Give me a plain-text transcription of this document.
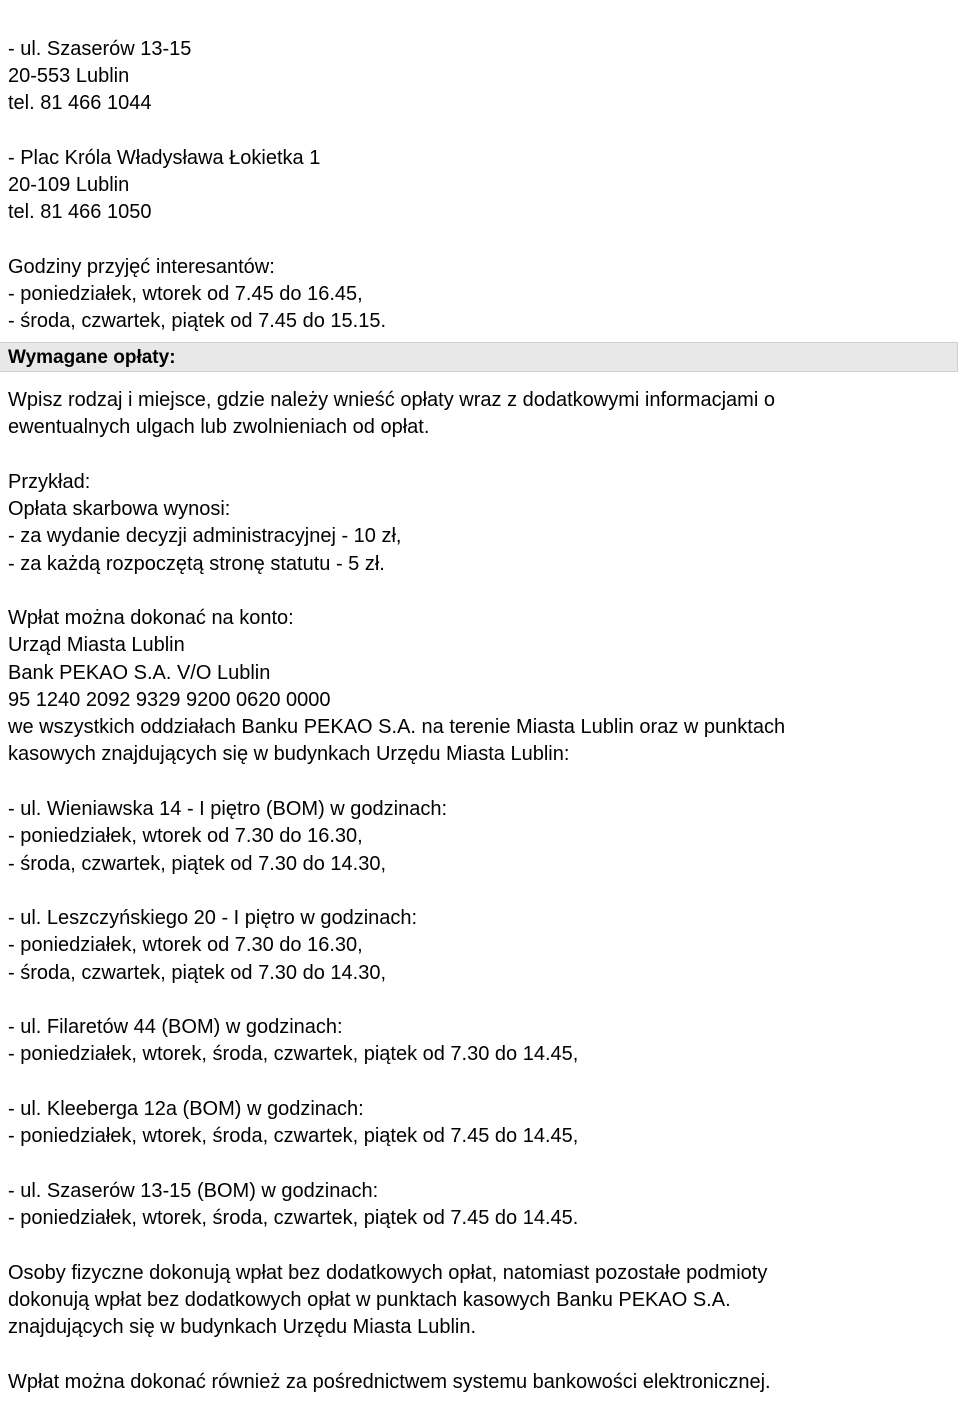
- ul. Szaserów 13-15
20-553 Lublin
tel. 81 466 1044
- Plac Króla Władysława Łokietka 1
20-109 Lublin
tel. 81 466 1050
Godziny przyjęć interesantów:
- poniedziałek, wtorek od 7.45 do 16.45,
- środa, czwartek, piątek od 7.45 do 15.15.
Wymagane opłaty:
Wpisz rodzaj i miejsce, gdzie należy wnieść opłaty wraz z dodatkowymi informacjami o
ewentualnych ulgach lub zwolnieniach od opłat.
Przykład:
Opłata skarbowa wynosi:
- za wydanie decyzji administracyjnej - 10 zł,
- za każdą rozpoczętą stronę statutu - 5 zł.
Wpłat można dokonać na konto:
Urząd Miasta Lublin
Bank PEKAO S.A. V/O Lublin
95 1240 2092 9329 9200 0620 0000
we wszystkich oddziałach Banku PEKAO S.A. na terenie Miasta Lublin oraz w punktach
kasowych znajdujących się w budynkach Urzędu Miasta Lublin:
- ul. Wieniawska 14 - I piętro (BOM) w godzinach:
- poniedziałek, wtorek od 7.30 do 16.30,
- środa, czwartek, piątek od 7.30 do 14.30,
- ul. Leszczyńskiego 20 - I piętro w godzinach:
- poniedziałek, wtorek od 7.30 do 16.30,
- środa, czwartek, piątek od 7.30 do 14.30,
- ul. Filaretów 44 (BOM) w godzinach:
- poniedziałek, wtorek, środa, czwartek, piątek od 7.30 do 14.45,
- ul. Kleeberga 12a (BOM) w godzinach:
- poniedziałek, wtorek, środa, czwartek, piątek od 7.45 do 14.45,
- ul. Szaserów 13-15 (BOM) w godzinach:
- poniedziałek, wtorek, środa, czwartek, piątek od 7.45 do 14.45.
Osoby fizyczne dokonują wpłat bez dodatkowych opłat, natomiast pozostałe podmioty
dokonują wpłat bez dodatkowych opłat w punktach kasowych Banku PEKAO S.A.
znajdujących się w budynkach Urzędu Miasta Lublin.
Wpłat można dokonać również za pośrednictwem systemu bankowości elektronicznej.
